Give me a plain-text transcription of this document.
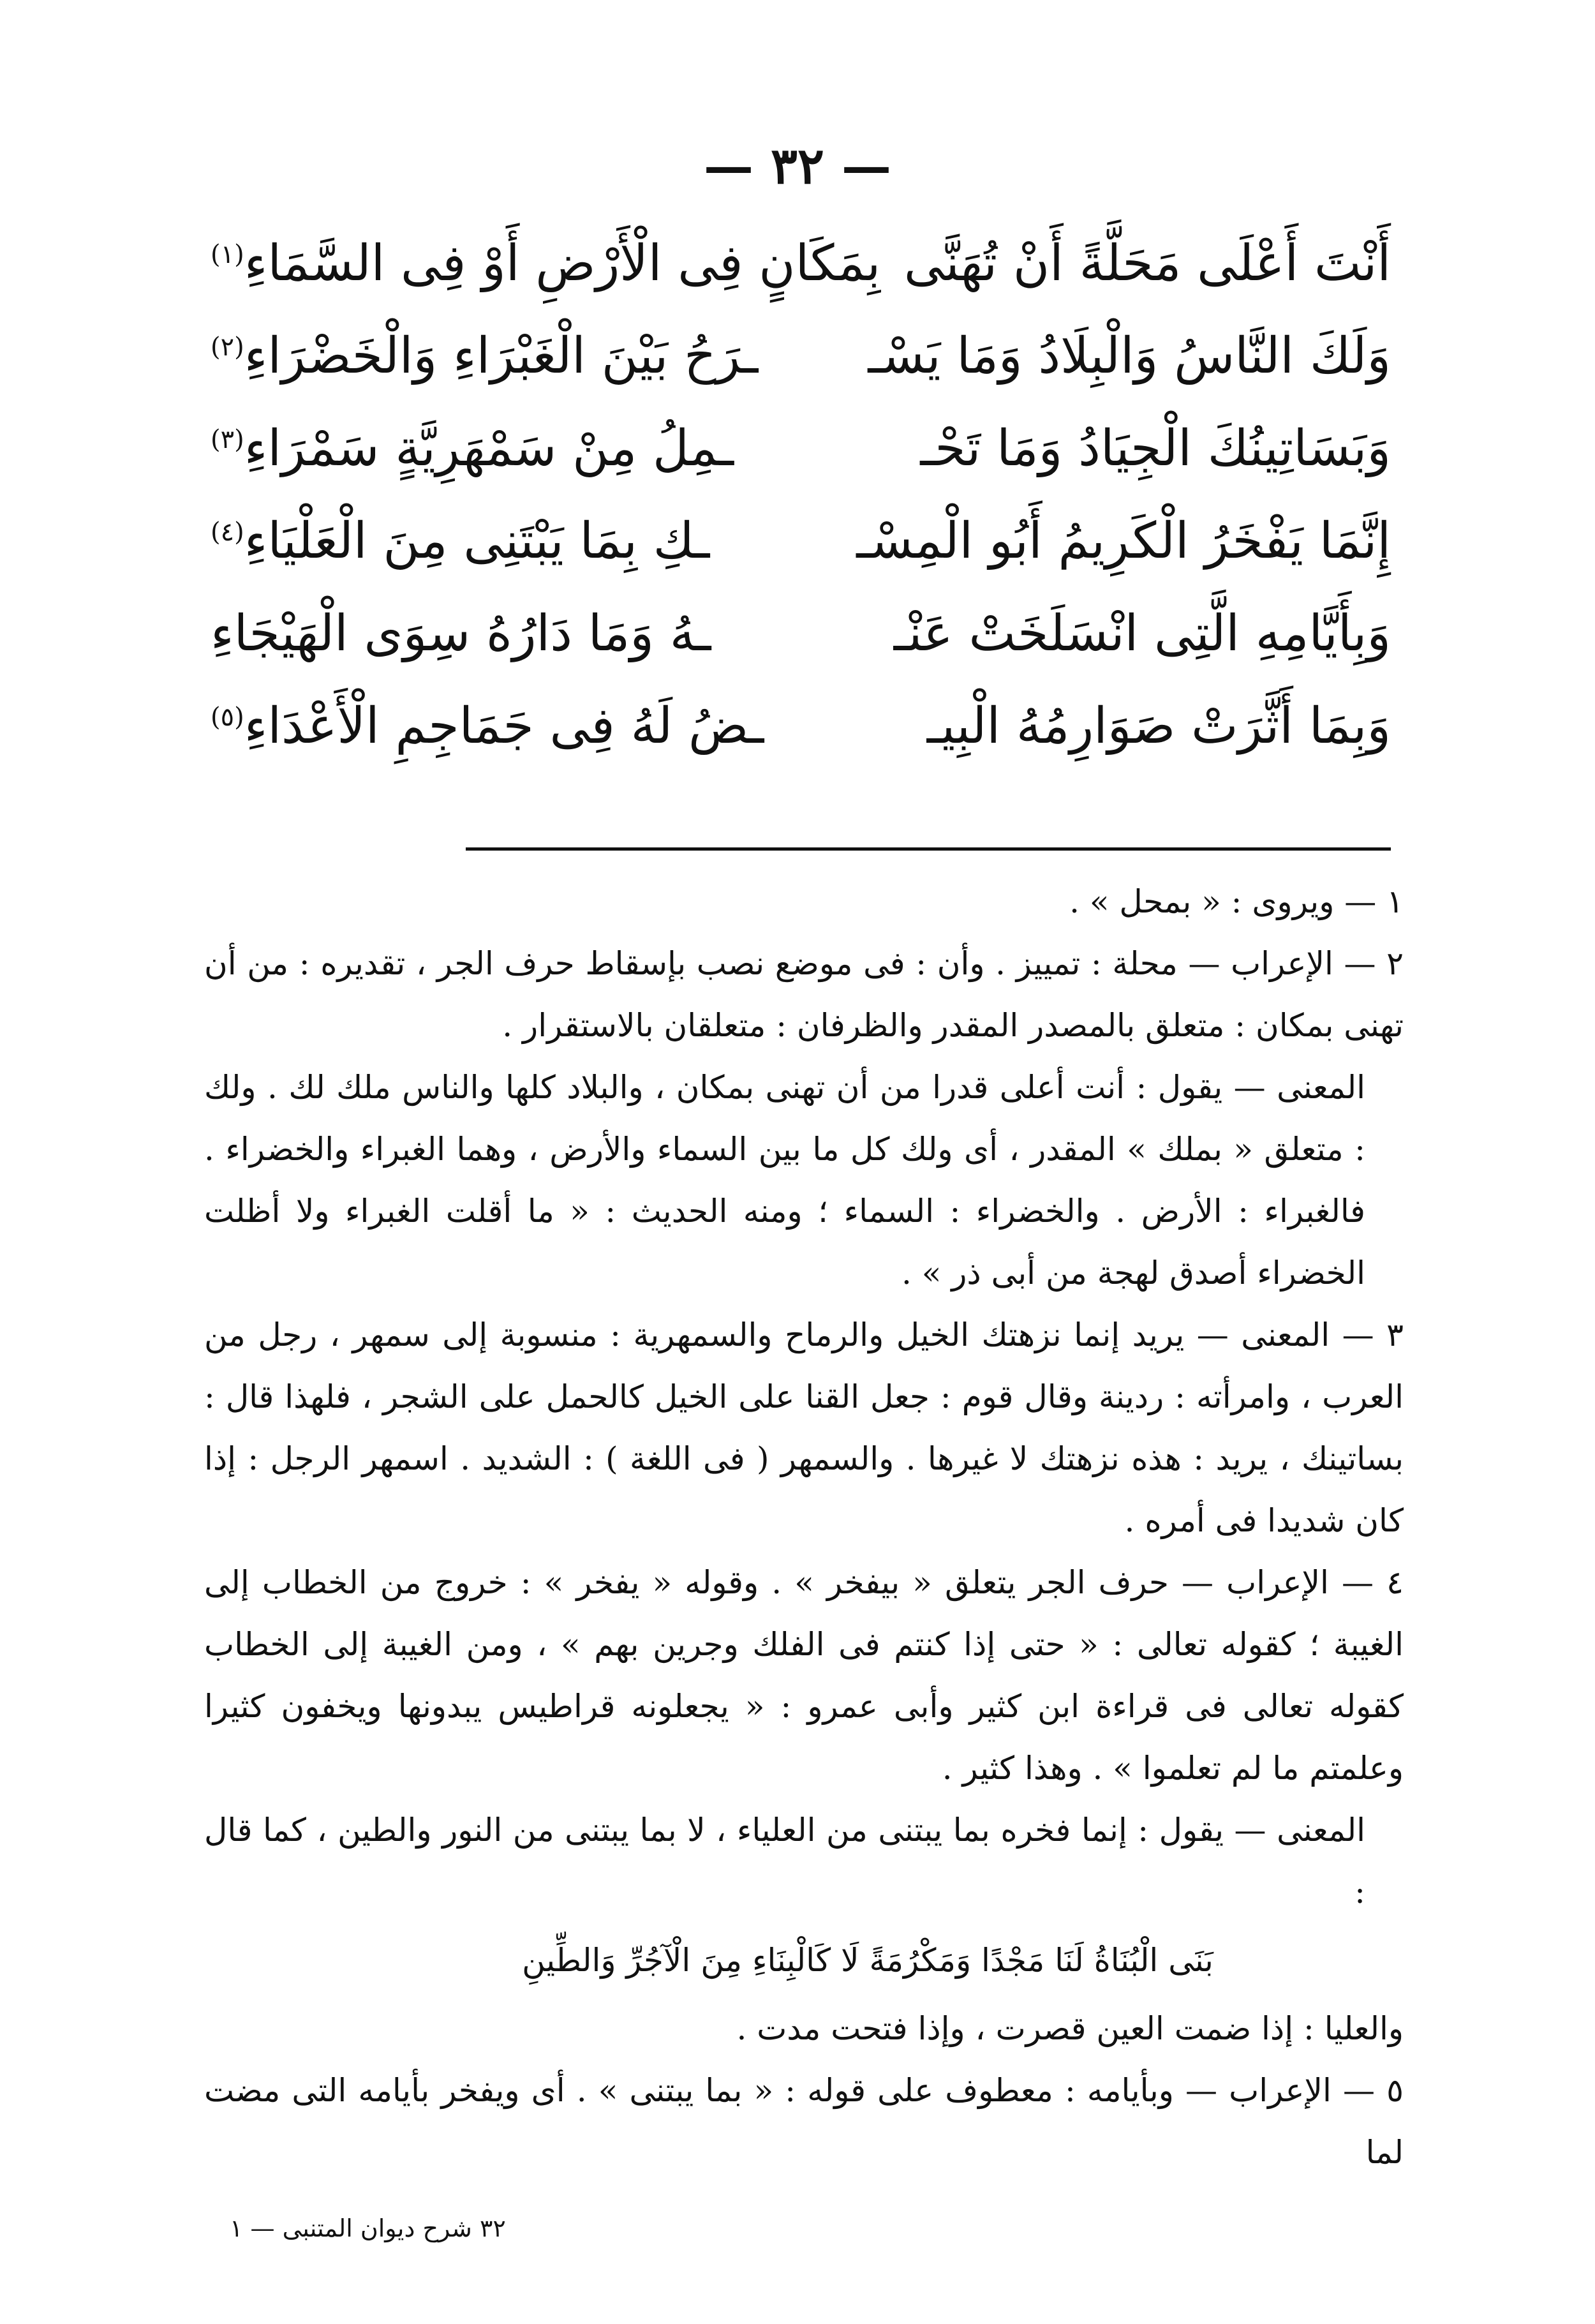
— ٣٢ —
أَنْتَ أَعْلَى مَحَلَّةً أَنْ تُهَنَّى
بِمَكَانٍ فِى الْأَرْضِ أَوْ فِى السَّمَاءِ$^{(١)}$
وَلَكَ النَّاسُ وَالْبِلَادُ وَمَا يَسْـ
ـرَحُ بَيْنَ الْغَبْرَاءِ وَالْخَضْرَاءِ$^{(٢)}$
وَبَسَاتِينُكَ الْجِيَادُ وَمَا تَحْـ
ـمِلُ مِنْ سَمْهَرِيَّةٍ سَمْرَاءِ$^{(٣)}$
إِنَّمَا يَفْخَرُ الْكَرِيمُ أَبُو الْمِسْـ
ـكِ بِمَا يَبْتَنِى مِنَ الْعَلْيَاءِ$^{(٤)}$
وَبِأَيَّامِهِ الَّتِى انْسَلَخَتْ عَنْـ
ـهُ وَمَا دَارُهُ سِوَى الْهَيْجَاءِ
وَبِمَا أَثَّرَتْ صَوَارِمُهُ الْبِيـ
ـضُ لَهُ فِى جَمَاجِمِ الْأَعْدَاءِ$^{(٥)}$

١ — ويروى : « بمحل » .

٢ — الإعراب — محلة : تمييز . وأن : فى موضع نصب بإسقاط حرف الجر ، تقديره : من أن تهنى بمكان : متعلق بالمصدر المقدر والظرفان : متعلقان بالاستقرار .

المعنى — يقول : أنت أعلى قدرا من أن تهنى بمكان ، والبلاد كلها والناس ملك لك . ولك : متعلق « بملك » المقدر ، أى ولك كل ما بين السماء والأرض ، وهما الغبراء والخضراء . فالغبراء : الأرض . والخضراء : السماء ؛ ومنه الحديث : « ما أقلت الغبراء ولا أظلت الخضراء أصدق لهجة من أبى ذر » .

٣ — المعنى — يريد إنما نزهتك الخيل والرماح والسمهرية : منسوبة إلى سمهر ، رجل من العرب ، وامرأته : ردينة وقال قوم : جعل القنا على الخيل كالحمل على الشجر ، فلهذا قال : بساتينك ، يريد : هذه نزهتك لا غيرها . والسمهر ( فى اللغة ) : الشديد . اسمهر الرجل : إذا كان شديدا فى أمره .

٤ — الإعراب — حرف الجر يتعلق « بيفخر » . وقوله « يفخر » : خروج من الخطاب إلى الغيبة ؛ كقوله تعالى : « حتى إذا كنتم فى الفلك وجرين بهم » ، ومن الغيبة إلى الخطاب كقوله تعالى فى قراءة ابن كثير وأبى عمرو : « يجعلونه قراطيس يبدونها ويخفون كثيرا وعلمتم ما لم تعلموا » . وهذا كثير .

المعنى — يقول : إنما فخره بما يبتنى من العلياء ، لا بما يبتنى من النور والطين ، كما قال :

بَنَى الْبُنَاةُ لَنَا مَجْدًا وَمَكْرُمَةً لَا كَالْبِنَاءِ مِنَ الْآجُرِّ وَالطِّينِ

والعليا : إذا ضمت العين قصرت ، وإذا فتحت مدت .

٥ — الإعراب — وبأيامه : معطوف على قوله : « بما يبتنى » . أى ويفخر بأيامه التى مضت لما

٣٢ شرح ديوان المتنبى — ١
